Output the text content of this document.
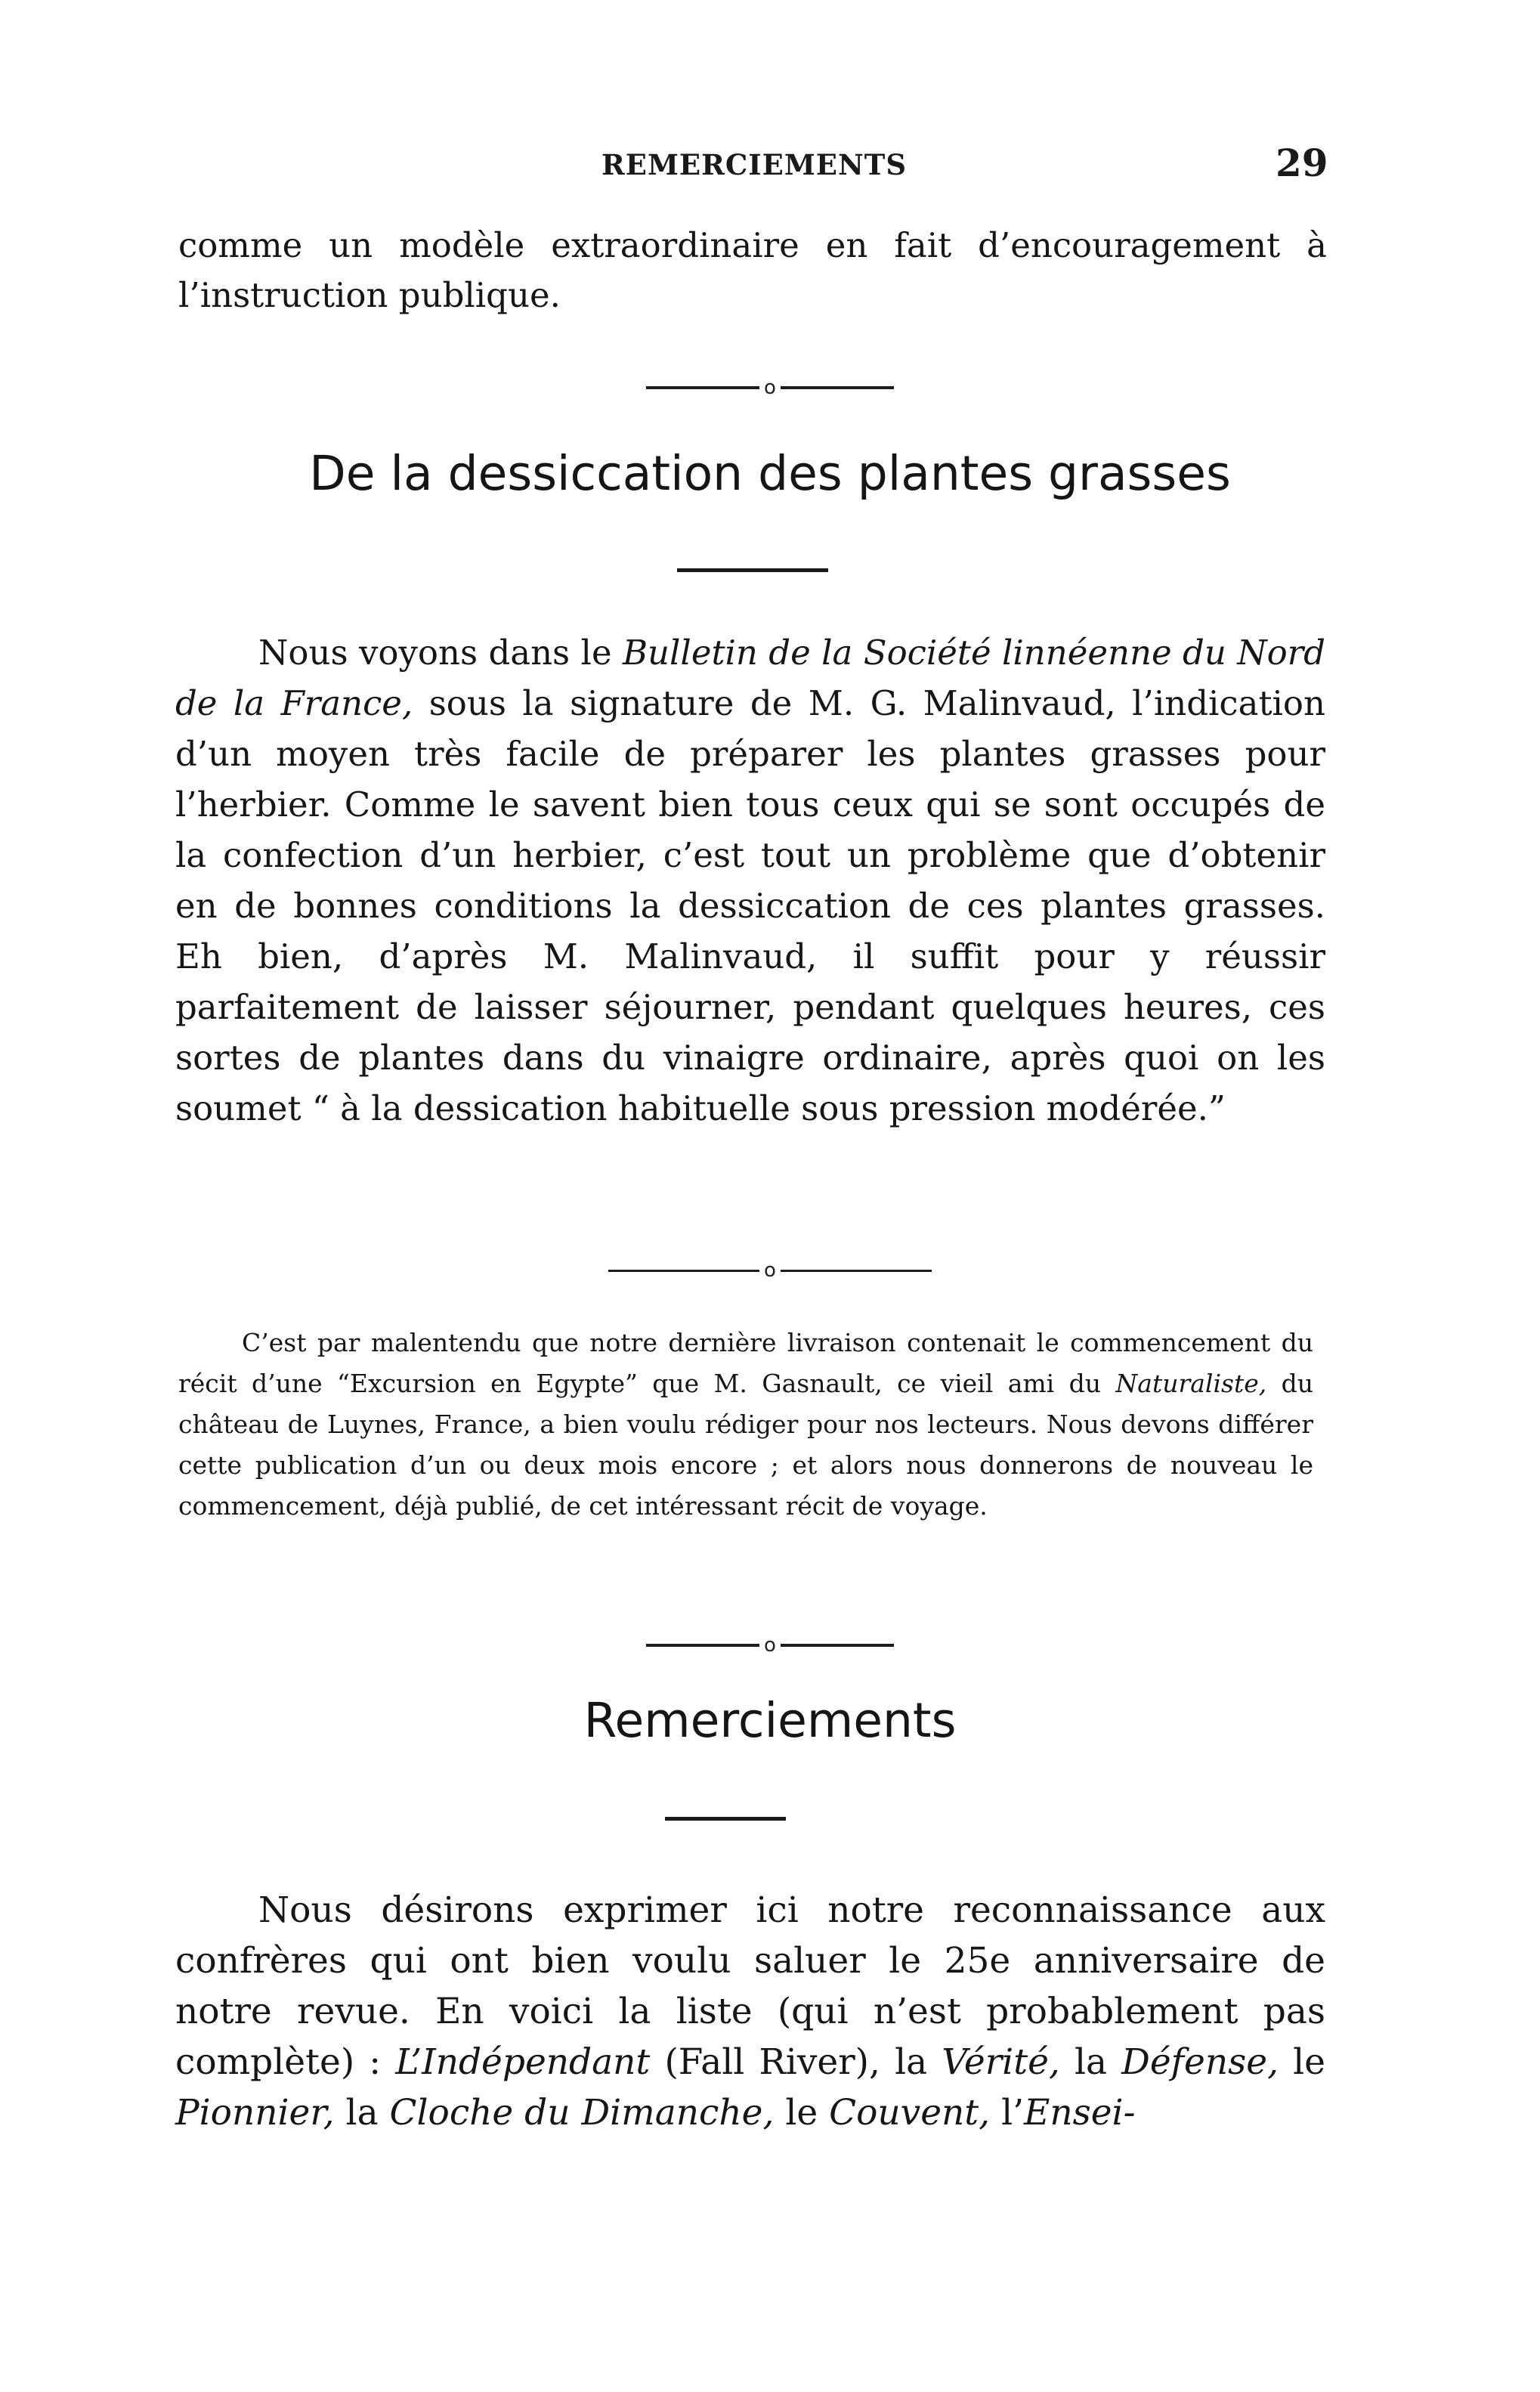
REMERCIEMENTS	29
comme un modèle extraordinaire en fait d’encouragement à l’instruction publique.
o
De la dessiccation des plantes grasses
Nous voyons dans le Bulletin de la Société linnéenne du Nord de la France, sous la signature de M. G. Malinvaud, l’indication d’un moyen très facile de préparer les plantes grasses pour l’herbier. Comme le savent bien tous ceux qui se sont occupés de la confection d’un herbier, c’est tout un problème que d’obtenir en de bonnes conditions la dessiccation de ces plantes grasses. Eh bien, d’après M. Malinvaud, il suffit pour y réussir parfaitement de laisser séjourner, pendant quelques heures, ces sortes de plantes dans du vinaigre ordinaire, après quoi on les soumet “ à la dessication habituelle sous pression modérée.”
o
C’est par malentendu que notre dernière livraison contenait le commencement du récit d’une “Excursion en Egypte” que M. Gasnault, ce vieil ami du Naturaliste, du château de Luynes, France, a bien voulu rédiger pour nos lecteurs. Nous devons différer cette publication d’un ou deux mois encore ; et alors nous donnerons de nouveau le commencement, déjà publié, de cet intéressant récit de voyage.
o
Remerciements
Nous désirons exprimer ici notre reconnaissance aux confrères qui ont bien voulu saluer le 25e anniversaire de notre revue. En voici la liste (qui n’est probablement pas complète) : L’Indépendant (Fall River), la Vérité, la Défense, le Pionnier, la Cloche du Dimanche, le Couvent, l’Ensei-
